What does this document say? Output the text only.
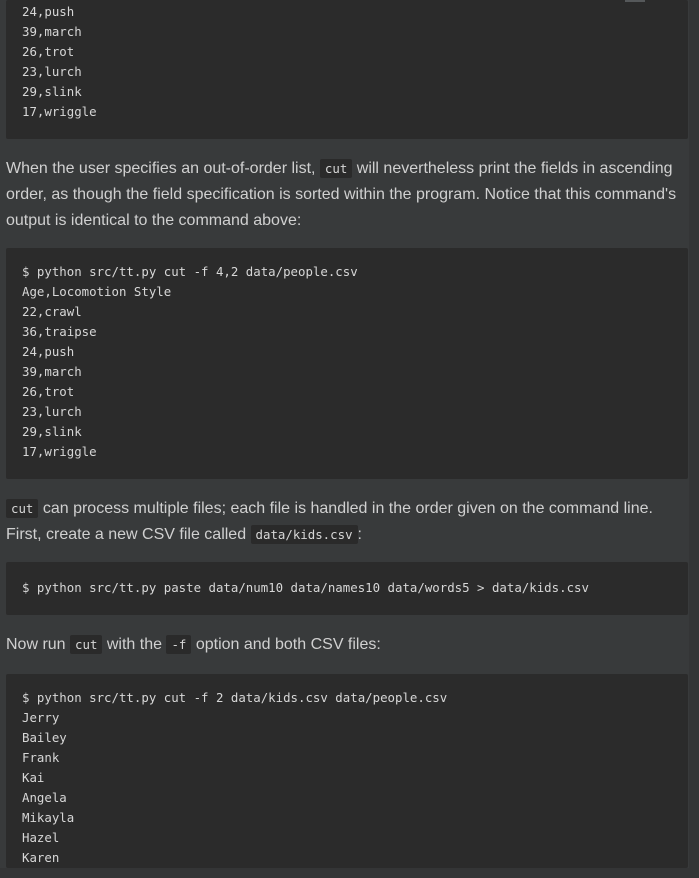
24,push

39,march

26,trot

23,lurch

29,slink

17,wriggle

When the user specifies an out-of-order list, cut will nevertheless print the fields in ascending order, as though the field specification is sorted within the program. Notice that this command's output is identical to the command above:

$ python src/tt.py cut -f 4,2 data/people.csv

Age,Locomotion Style

22,crawl

36,traipse

24,push

39,march

26,trot

23,lurch

29,slink

17,wriggle

cut can process multiple files; each file is handled in the order given on the command line. First, create a new CSV file called data/kids.csv :

$ python src/tt.py paste data/num10 data/names10 data/words5 > data/kids.csv

Now run cut with the -f option and both CSV files:

$ python src/tt.py cut -f 2 data/kids.csv data/people.csv

Jerry

Bailey

Frank

Kai

Angela

Mikayla

Hazel

Karen
